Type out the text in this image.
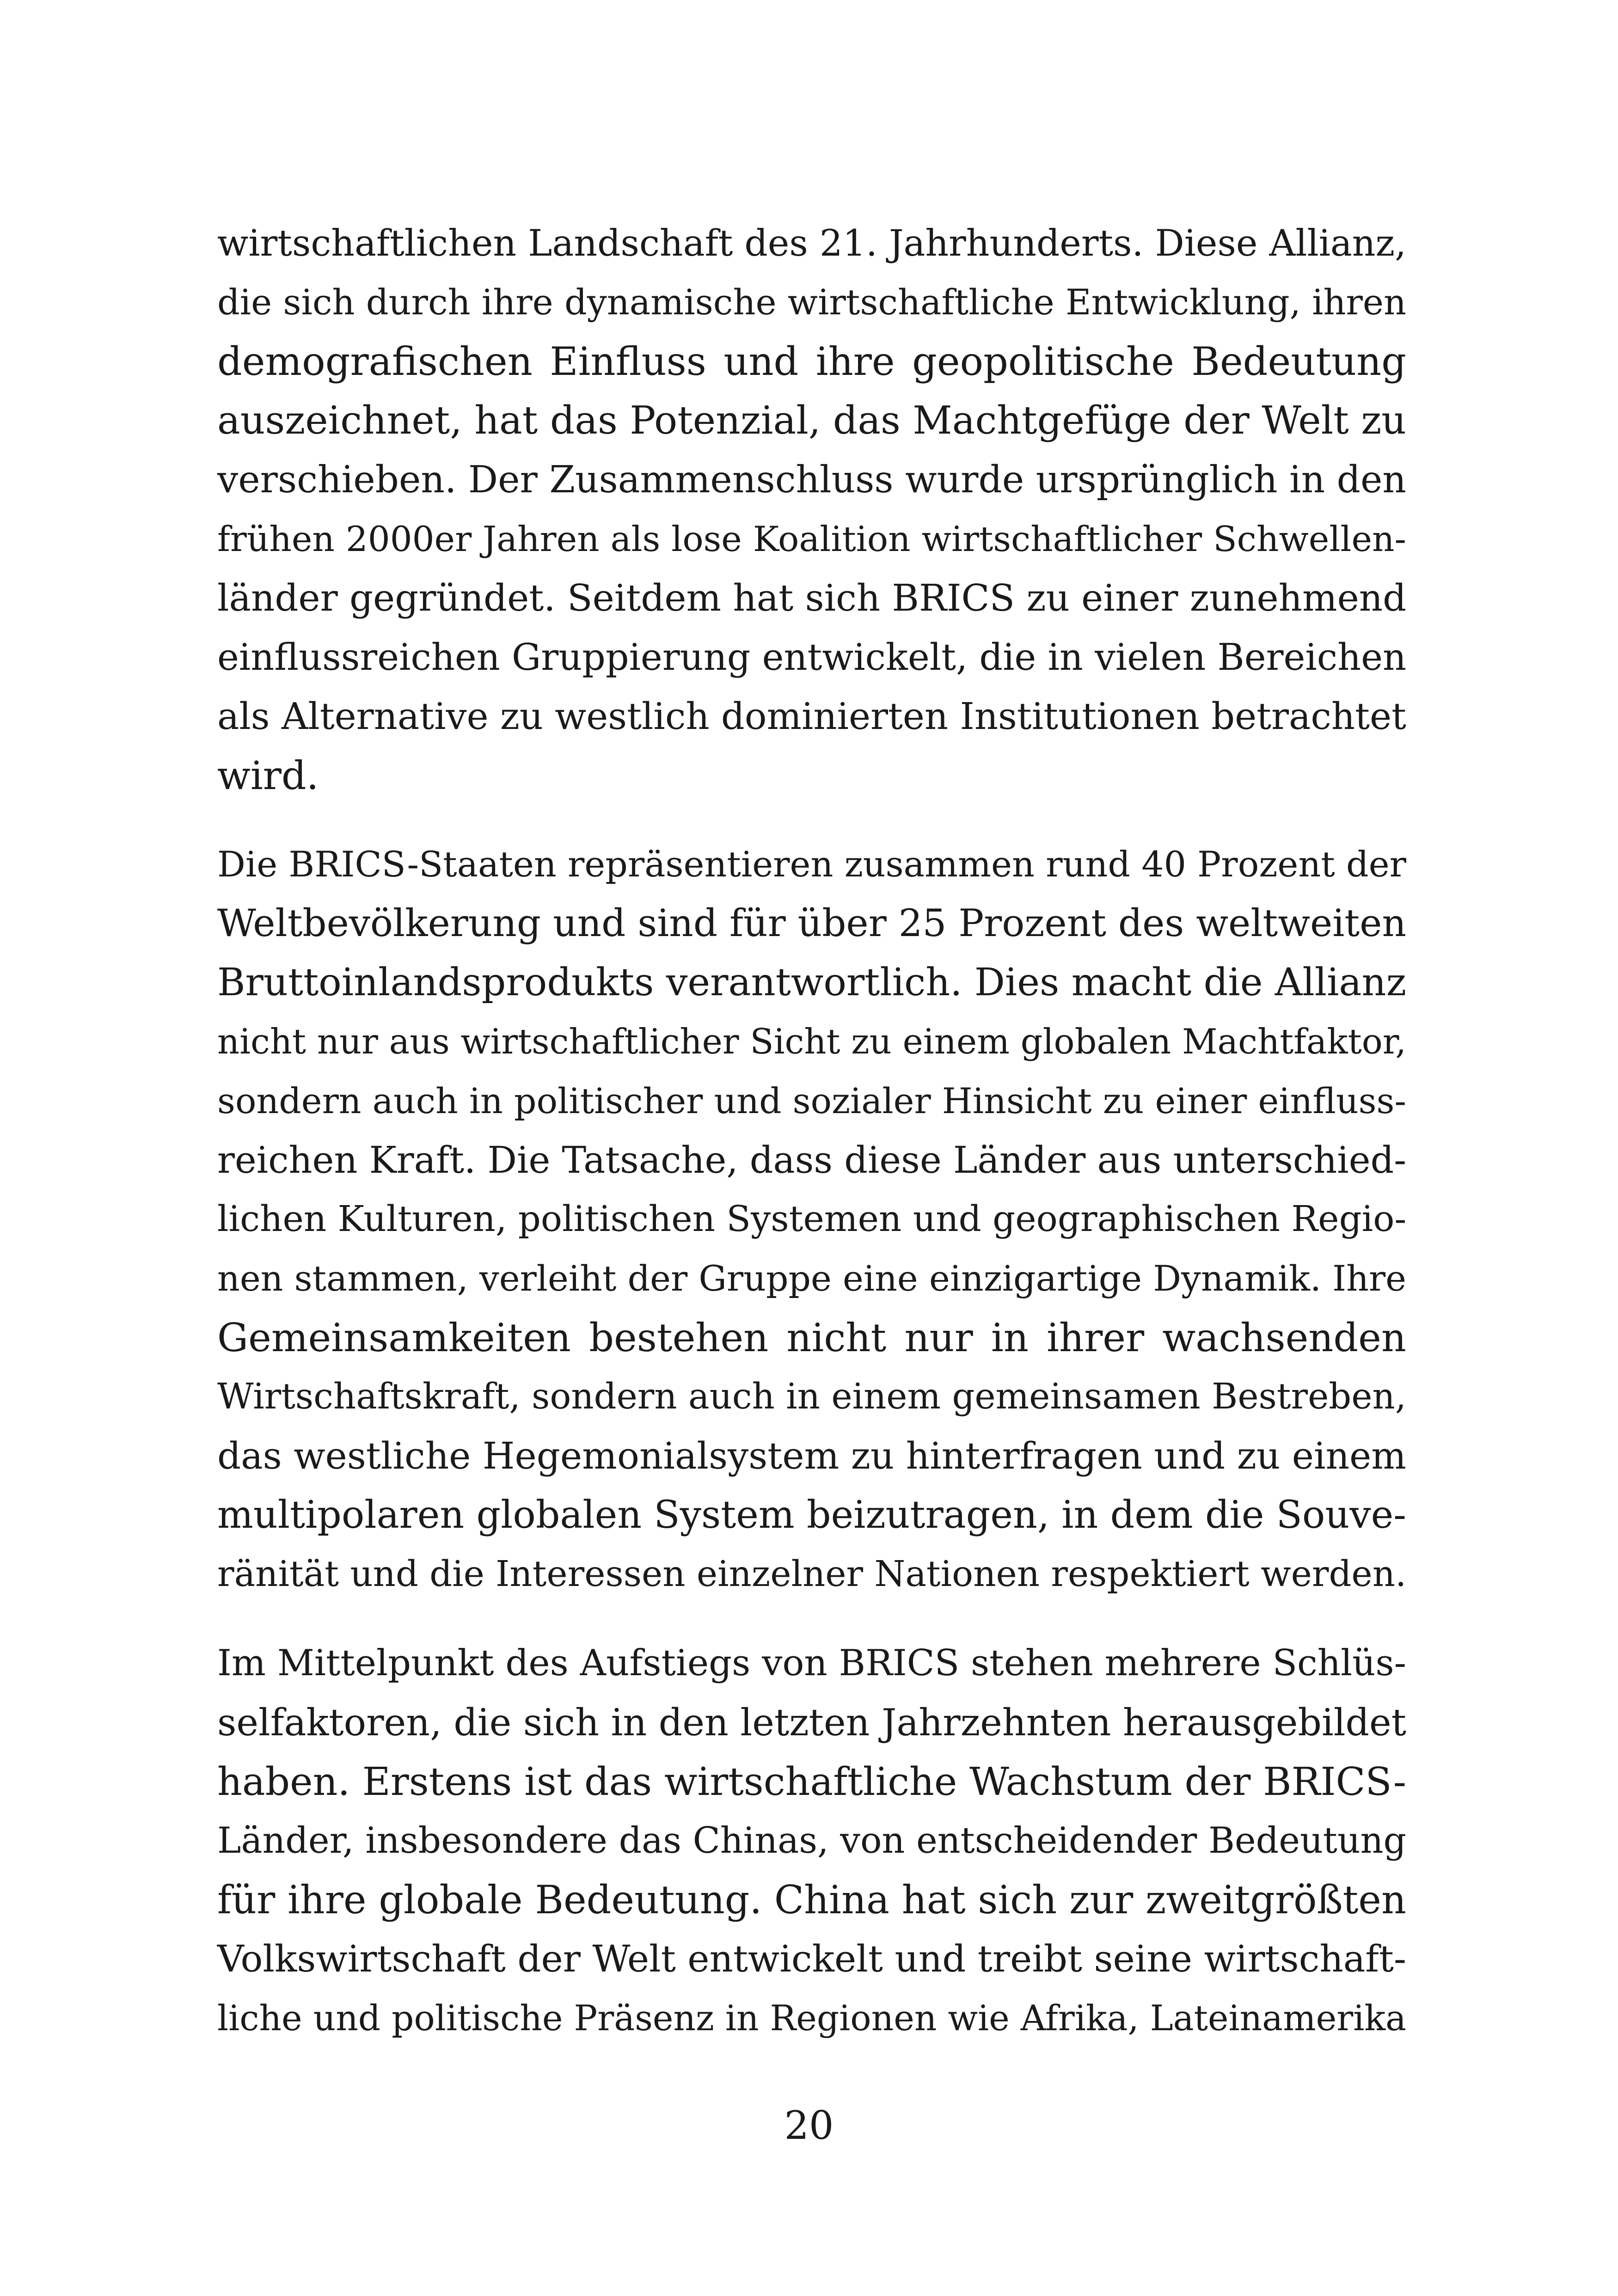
wirtschaftlichen Landschaft des 21. Jahrhunderts. Diese Allianz,
die sich durch ihre dynamische wirtschaftliche Entwicklung, ihren
demografischen Einfluss und ihre geopolitische Bedeutung
auszeichnet, hat das Potenzial, das Machtgefüge der Welt zu
verschieben. Der Zusammenschluss wurde ursprünglich in den
frühen 2000er Jahren als lose Koalition wirtschaftlicher Schwellen-
länder gegründet. Seitdem hat sich BRICS zu einer zunehmend
einflussreichen Gruppierung entwickelt, die in vielen Bereichen
als Alternative zu westlich dominierten Institutionen betrachtet
wird.

Die BRICS-Staaten repräsentieren zusammen rund 40 Prozent der
Weltbevölkerung und sind für über 25 Prozent des weltweiten
Bruttoinlandsprodukts verantwortlich. Dies macht die Allianz
nicht nur aus wirtschaftlicher Sicht zu einem globalen Machtfaktor,
sondern auch in politischer und sozialer Hinsicht zu einer einfluss-
reichen Kraft. Die Tatsache, dass diese Länder aus unterschied-
lichen Kulturen, politischen Systemen und geographischen Regio-
nen stammen, verleiht der Gruppe eine einzigartige Dynamik. Ihre
Gemeinsamkeiten bestehen nicht nur in ihrer wachsenden
Wirtschaftskraft, sondern auch in einem gemeinsamen Bestreben,
das westliche Hegemonialsystem zu hinterfragen und zu einem
multipolaren globalen System beizutragen, in dem die Souve-
ränität und die Interessen einzelner Nationen respektiert werden.

Im Mittelpunkt des Aufstiegs von BRICS stehen mehrere Schlüs-
selfaktoren, die sich in den letzten Jahrzehnten herausgebildet
haben. Erstens ist das wirtschaftliche Wachstum der BRICS-
Länder, insbesondere das Chinas, von entscheidender Bedeutung
für ihre globale Bedeutung. China hat sich zur zweitgrößten
Volkswirtschaft der Welt entwickelt und treibt seine wirtschaft-
liche und politische Präsenz in Regionen wie Afrika, Lateinamerika

20
